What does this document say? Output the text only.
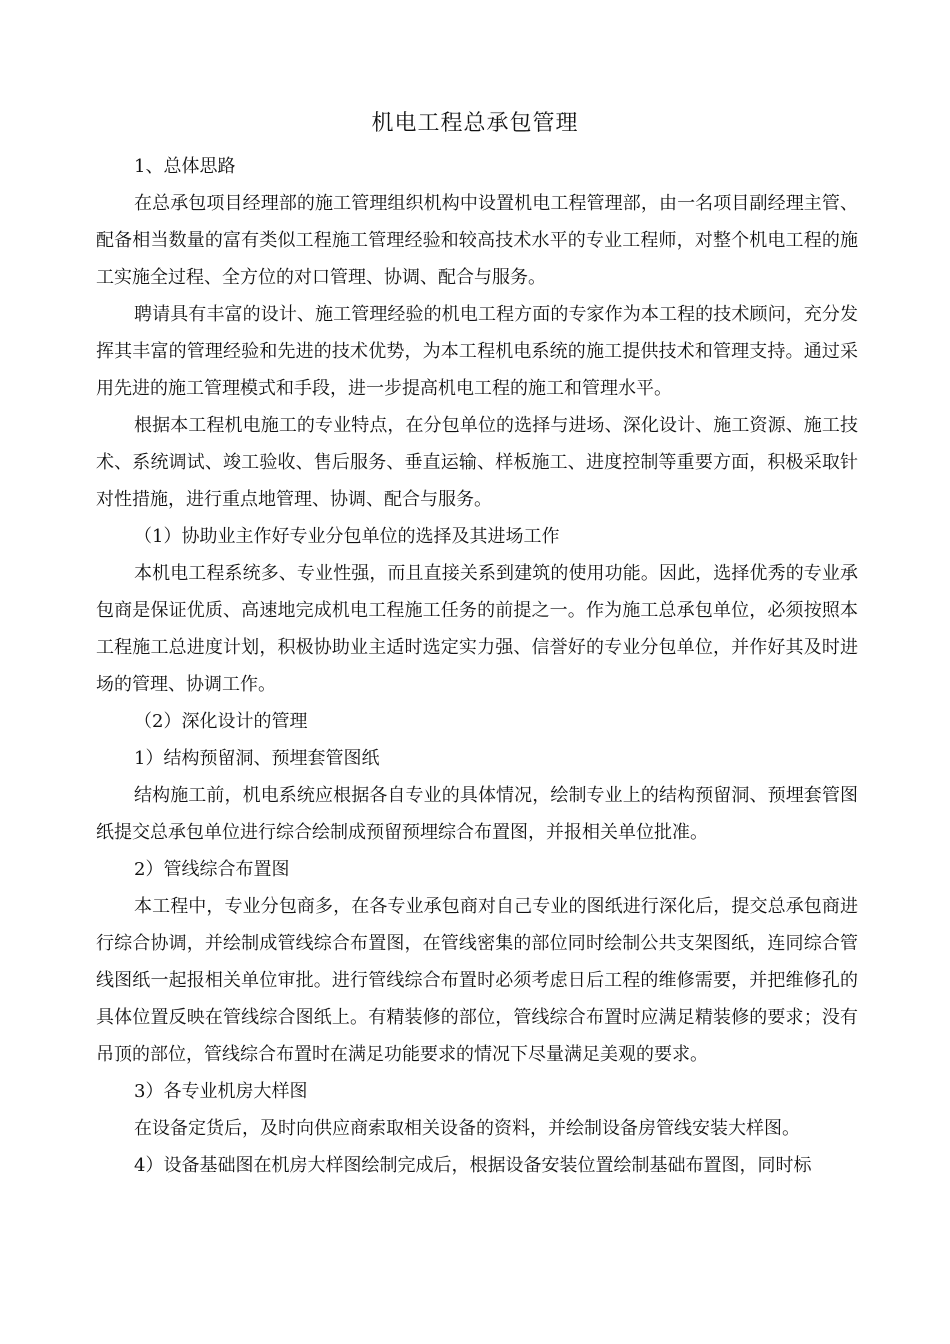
机电工程总承包管理

1、总体思路

在总承包项目经理部的施工管理组织机构中设置机电工程管理部，由一名项目副经理主管、配备相当数量的富有类似工程施工管理经验和较高技术水平的专业工程师，对整个机电工程的施工实施全过程、全方位的对口管理、协调、配合与服务。

聘请具有丰富的设计、施工管理经验的机电工程方面的专家作为本工程的技术顾问，充分发挥其丰富的管理经验和先进的技术优势，为本工程机电系统的施工提供技术和管理支持。通过采用先进的施工管理模式和手段，进一步提高机电工程的施工和管理水平。

根据本工程机电施工的专业特点，在分包单位的选择与进场、深化设计、施工资源、施工技术、系统调试、竣工验收、售后服务、垂直运输、样板施工、进度控制等重要方面，积极采取针对性措施，进行重点地管理、协调、配合与服务。

（1）协助业主作好专业分包单位的选择及其进场工作

本机电工程系统多、专业性强，而且直接关系到建筑的使用功能。因此，选择优秀的专业承包商是保证优质、高速地完成机电工程施工任务的前提之一。作为施工总承包单位，必须按照本工程施工总进度计划，积极协助业主适时选定实力强、信誉好的专业分包单位，并作好其及时进场的管理、协调工作。

（2）深化设计的管理

1）结构预留洞、预埋套管图纸

结构施工前，机电系统应根据各自专业的具体情况，绘制专业上的结构预留洞、预埋套管图纸提交总承包单位进行综合绘制成预留预埋综合布置图，并报相关单位批准。

2）管线综合布置图

本工程中，专业分包商多，在各专业承包商对自己专业的图纸进行深化后，提交总承包商进行综合协调，并绘制成管线综合布置图，在管线密集的部位同时绘制公共支架图纸，连同综合管线图纸一起报相关单位审批。进行管线综合布置时必须考虑日后工程的维修需要，并把维修孔的具体位置反映在管线综合图纸上。有精装修的部位，管线综合布置时应满足精装修的要求；没有吊顶的部位，管线综合布置时在满足功能要求的情况下尽量满足美观的要求。

3）各专业机房大样图

在设备定货后，及时向供应商索取相关设备的资料，并绘制设备房管线安装大样图。

4）设备基础图在机房大样图绘制完成后，根据设备安装位置绘制基础布置图，同时标
